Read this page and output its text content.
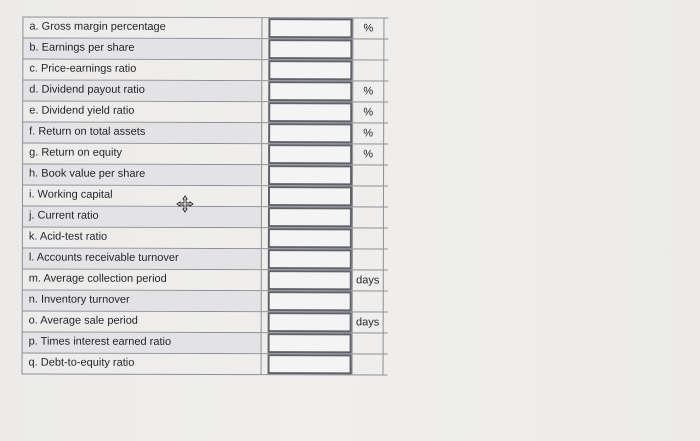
a. Gross margin percentage	%
b. Earnings per share
c. Price-earnings ratio
d. Dividend payout ratio	%
e. Dividend yield ratio	%
f. Return on total assets	%
g. Return on equity	%
h. Book value per share
i. Working capital
j. Current ratio
k. Acid-test ratio
l. Accounts receivable turnover
m. Average collection period	days
n. Inventory turnover
o. Average sale period	days
p. Times interest earned ratio
q. Debt-to-equity ratio
